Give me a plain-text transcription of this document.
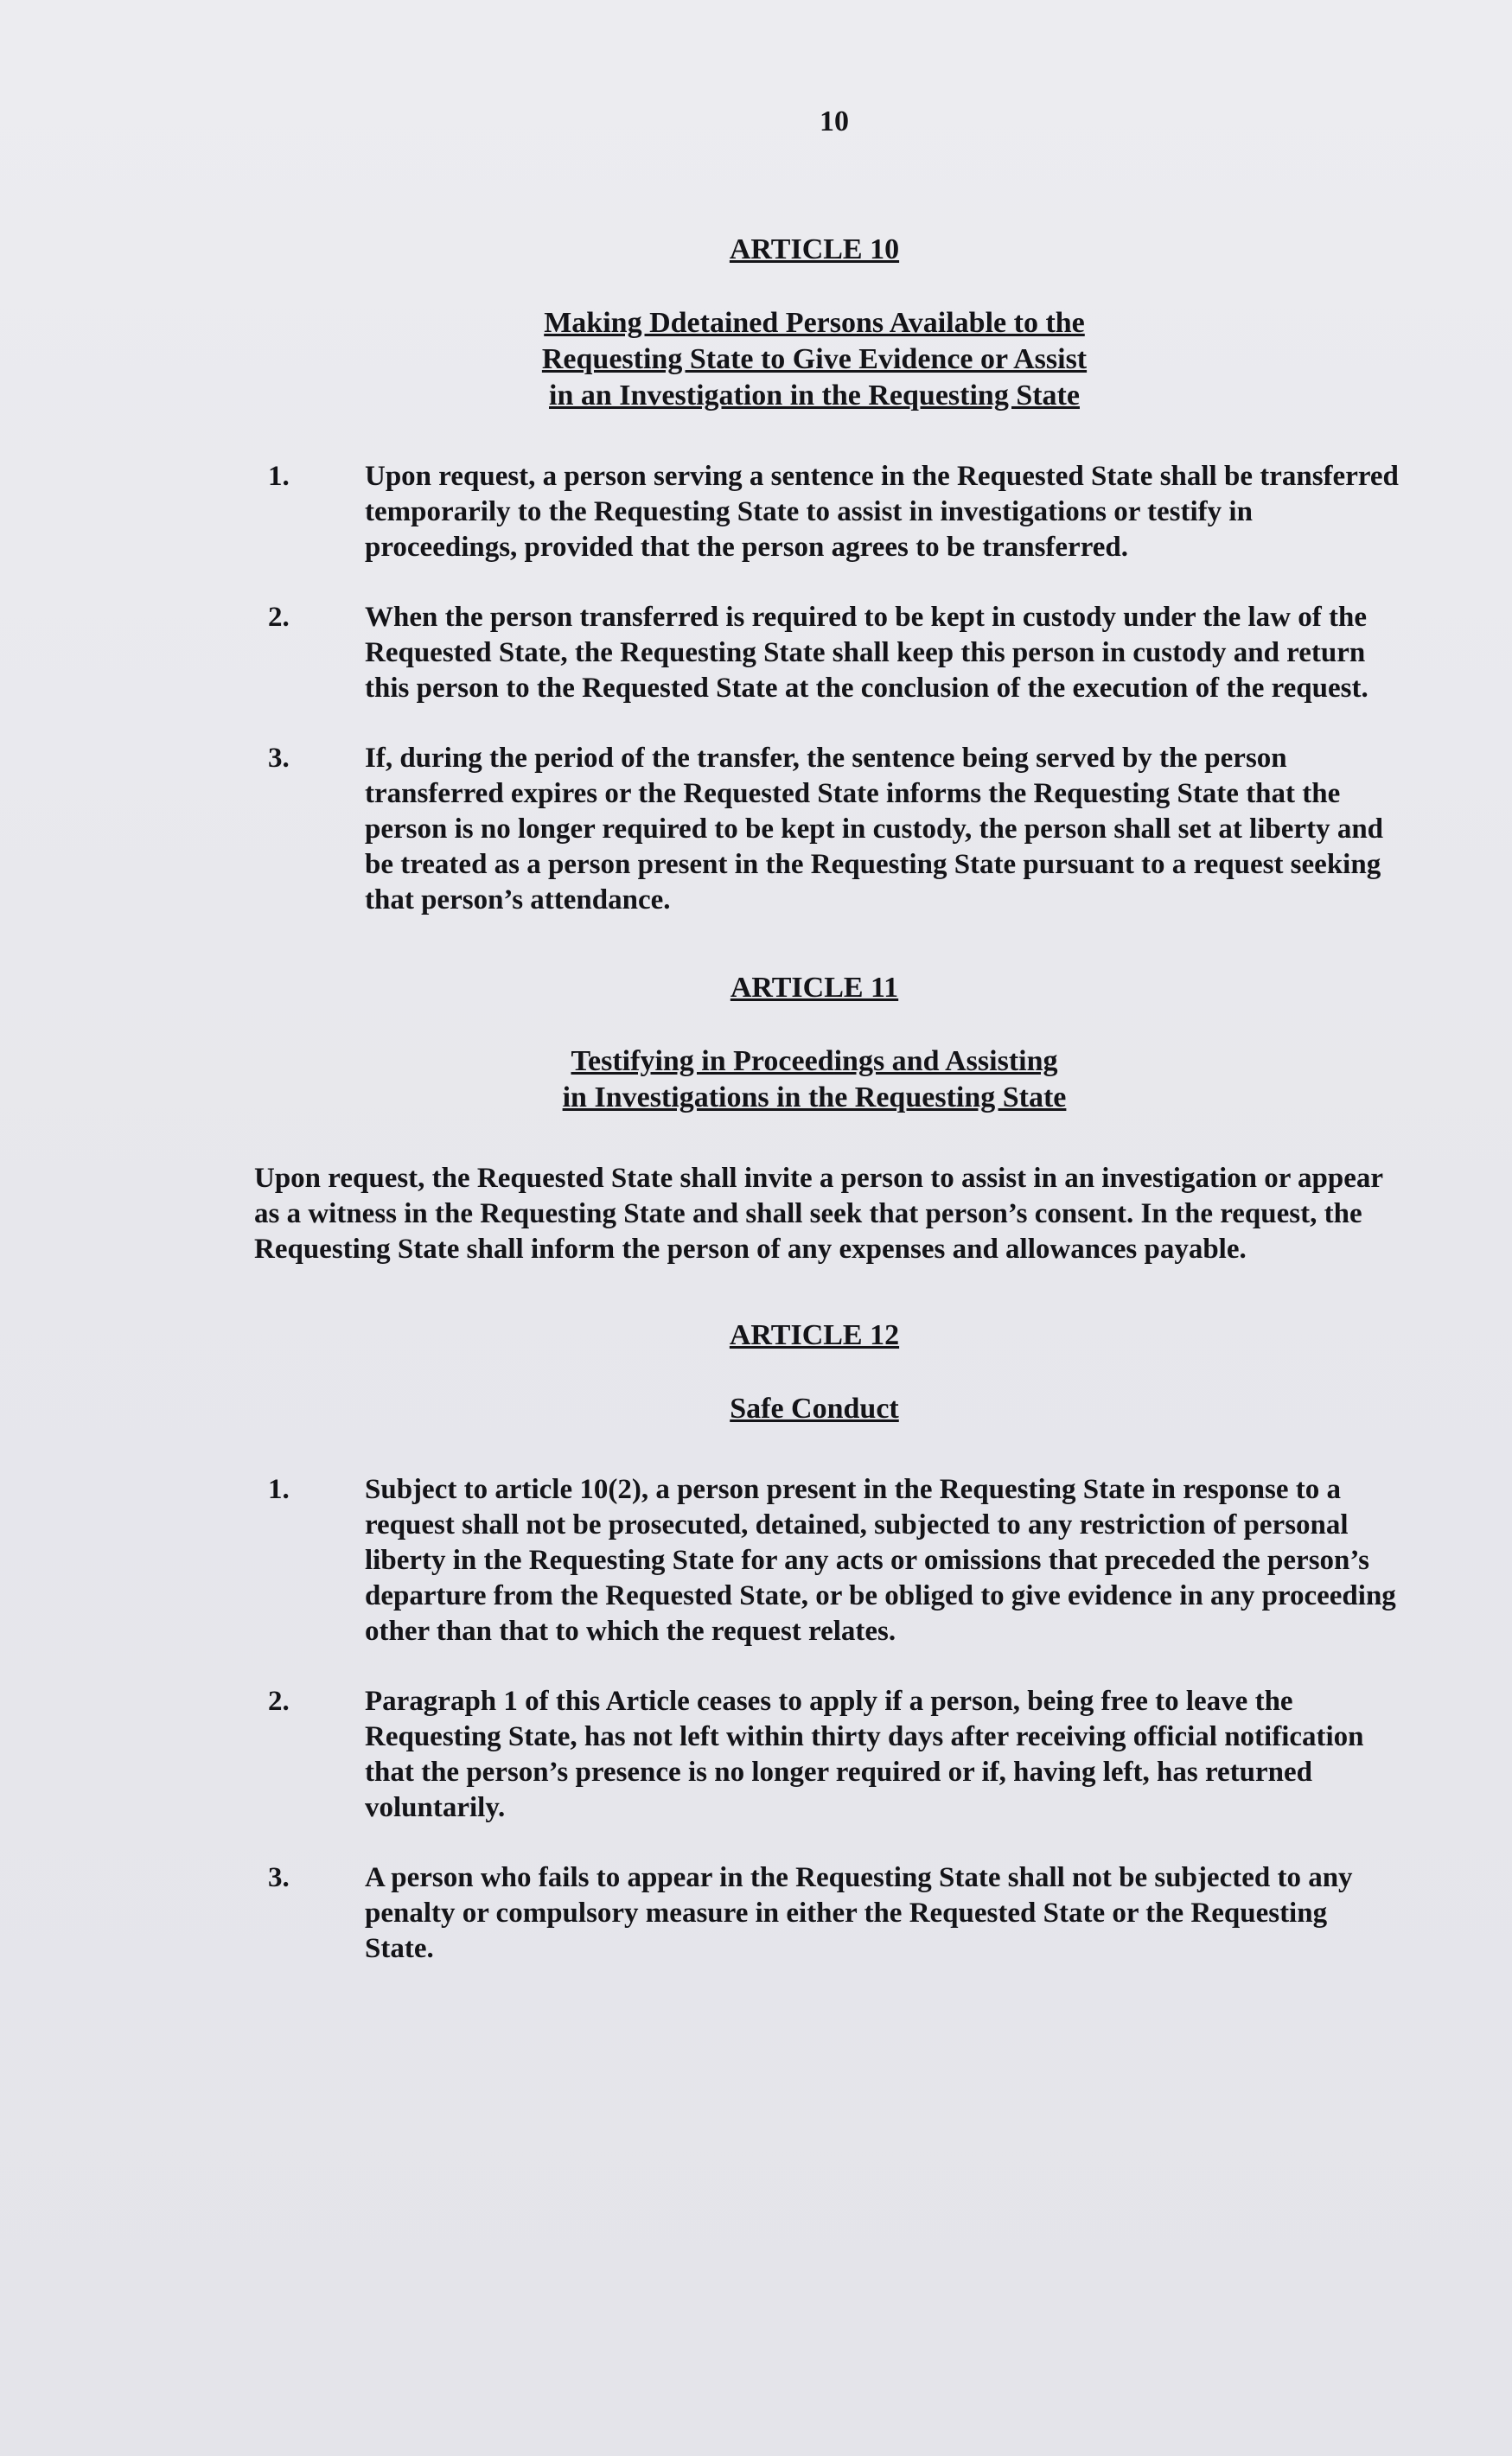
10
ARTICLE 10
Making Ddetained Persons Available to the
Requesting State to Give Evidence or Assist
in an Investigation in the Requesting State
1.	Upon request, a person serving a sentence in the Requested State shall be transferred temporarily to the Requesting State to assist in investigations or testify in proceedings, provided that the person agrees to be transferred.
2.	When the person transferred is required to be kept in custody under the law of the Requested State, the Requesting State shall keep this person in custody and return this person to the Requested State at the conclusion of the execution of the request.
3.	If, during the period of the transfer, the sentence being served by the person transferred expires or the Requested State informs the Requesting State that the person is no longer required to be kept in custody, the person shall set at liberty and be treated as a person present in the Requesting State pursuant to a request seeking that person’s attendance.
ARTICLE 11
Testifying in Proceedings and Assisting
in Investigations in the Requesting State
Upon request, the Requested State shall invite a person to assist in an investigation or appear as a witness in the Requesting State and shall seek that person’s consent. In the request, the Requesting State shall inform the person of any expenses and allowances payable.
ARTICLE 12
Safe Conduct
1.	Subject to article 10(2), a person present in the Requesting State in response to a request shall not be prosecuted, detained, subjected to any restriction of personal liberty in the Requesting State for any acts or omissions that preceded the person’s departure from the Requested State, or be obliged to give evidence in any proceeding other than that to which the request relates.
2.	Paragraph 1 of this Article ceases to apply if a person, being free to leave the Requesting State, has not left within thirty days after receiving official notification that the person’s presence is no longer required or if, having left, has returned voluntarily.
3.	A person who fails to appear in the Requesting State shall not be subjected to any penalty or compulsory measure in either the Requested State or the Requesting State.
